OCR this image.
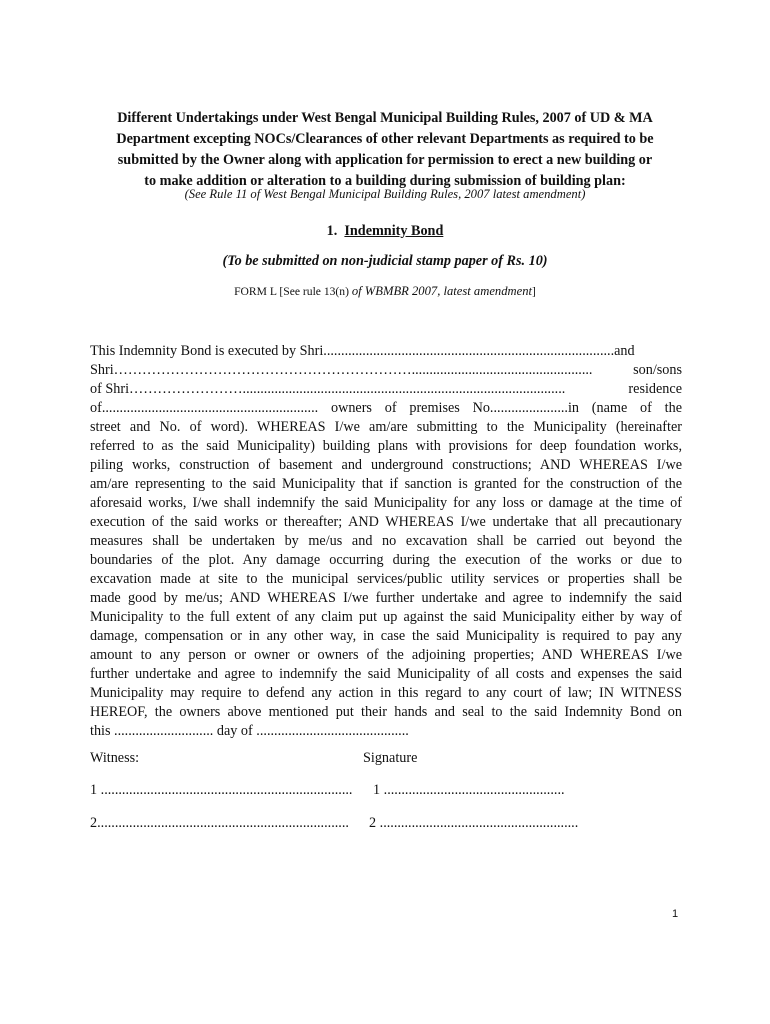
Different Undertakings under West Bengal Municipal Building Rules, 2007 of UD & MA
Department excepting NOCs/Clearances of other relevant Departments as required to be
submitted by the Owner along with application for permission to erect a new building or
to make addition or alteration to a building during submission of building plan:
(See Rule 11 of West Bengal Municipal Building Rules, 2007 latest amendment)
1. Indemnity Bond
(To be submitted on non-judicial stamp paper of Rs. 10)
FORM L [See rule 13(n) of WBMBR 2007, latest amendment]
This Indemnity Bond is executed by Shri..................................................................................and
Shri………………………………………………………...................................................	son/sons
of Shri……………………...........................................................................................	residence
of............................................................. owners of premises No......................in (name of the
street and No. of word). WHEREAS I/we am/are submitting to the Municipality (hereinafter
referred to as the said Municipality) building plans with provisions for deep foundation works,
piling works, construction of basement and underground constructions; AND WHEREAS I/we
am/are representing to the said Municipality that if sanction is granted for the construction of the
aforesaid works, I/we shall indemnify the said Municipality for any loss or damage at the time of
execution of the said works or thereafter; AND WHEREAS I/we undertake that all precautionary
measures shall be undertaken by me/us and no excavation shall be carried out beyond the
boundaries of the plot. Any damage occurring during the execution of the works or due to
excavation made at site to the municipal services/public utility services or properties shall be
made good by me/us; AND WHEREAS I/we further undertake and agree to indemnify the said
Municipality to the full extent of any claim put up against the said Municipality either by way of
damage, compensation or in any other way, in case the said Municipality is required to pay any
amount to any person or owner or owners of the adjoining properties; AND WHEREAS I/we
further undertake and agree to indemnify the said Municipality of all costs and expenses the said
Municipality may require to defend any action in this regard to any court of law; IN WITNESS
HEREOF, the owners above mentioned put their hands and seal to the said Indemnity Bond on
this ............................ day of ...........................................
Witness:	Signature
1 ....................................................................... 1 ...................................................
2....................................................................... 2 ........................................................
1
